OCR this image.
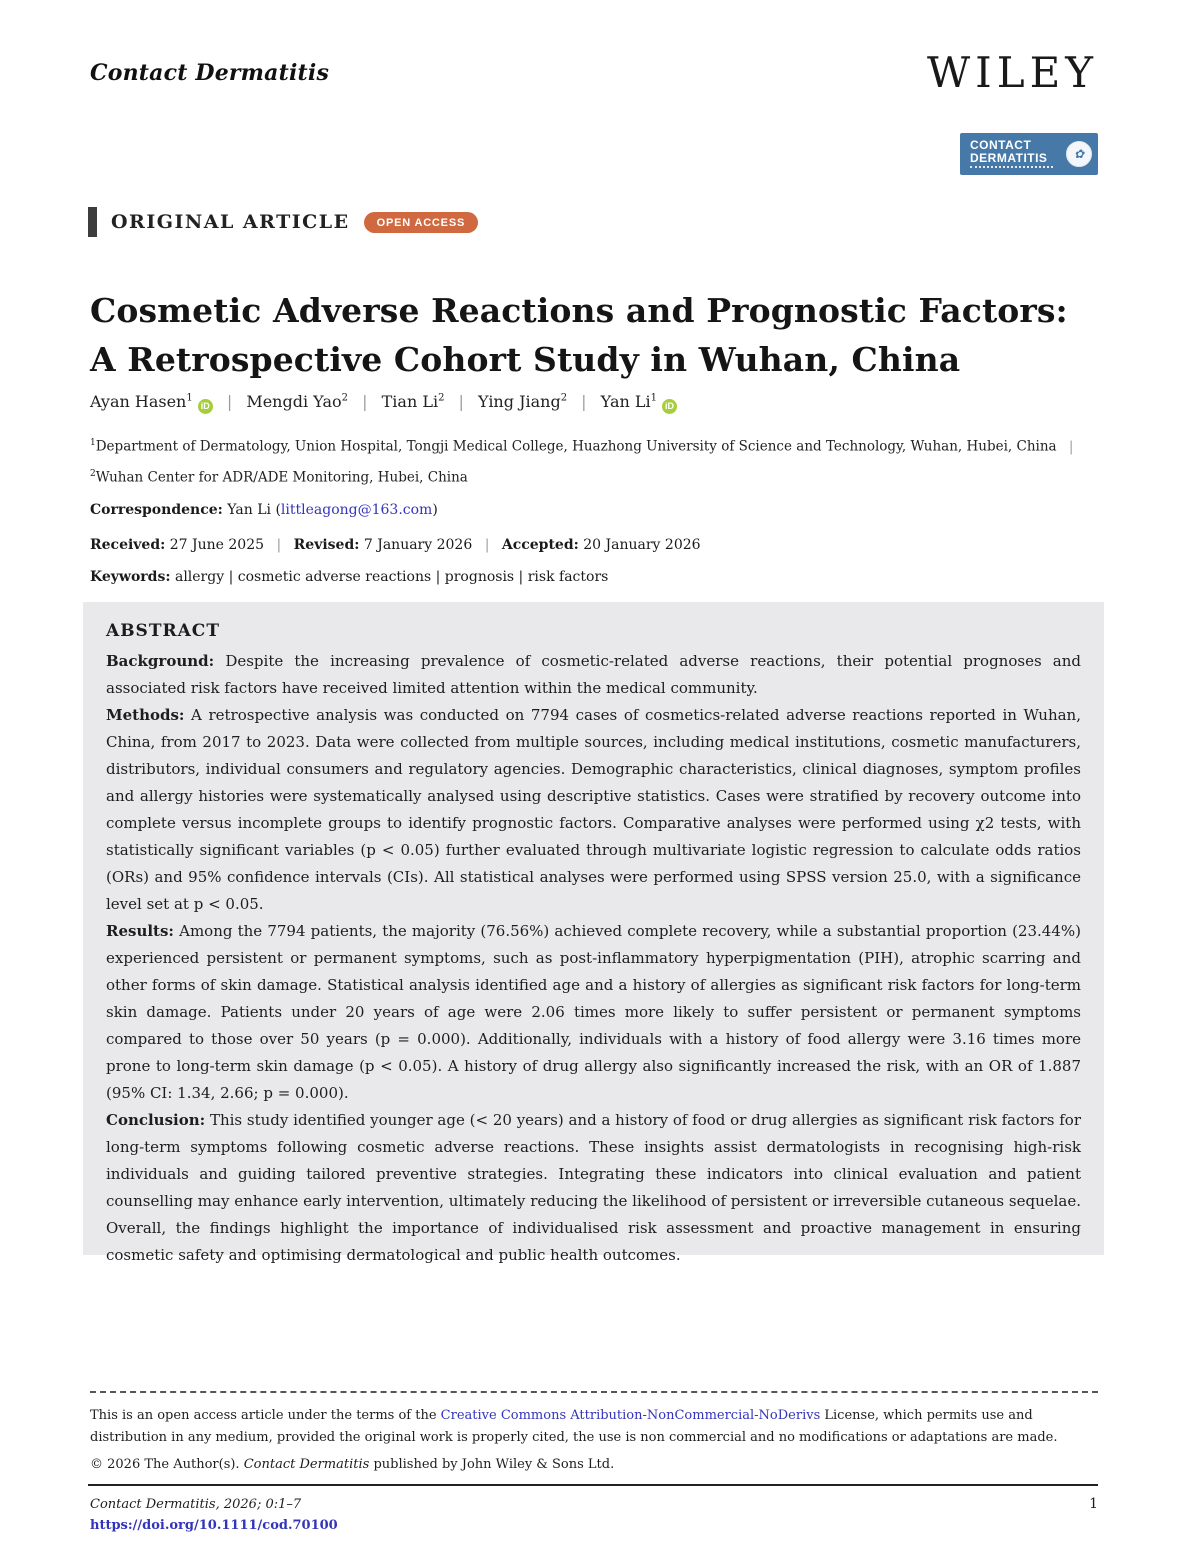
Contact Dermatitis	WILEY
CONTACT
DERMATITIS	✿
ORIGINAL ARTICLE	OPEN ACCESS
Cosmetic Adverse Reactions and Prognostic Factors:
A Retrospective Cohort Study in Wuhan, China
Ayan Hasen$^1$iD | Mengdi Yao$^2$ | Tian Li$^2$ | Ying Jiang$^2$ | Yan Li$^1$iD
$^1$Department of Dermatology, Union Hospital, Tongji Medical College, Huazhong University of Science and Technology, Wuhan, Hubei, China | $^2$Wuhan Center for ADR/ADE Monitoring, Hubei, China
Correspondence: Yan Li (littleagong@163.com)
Received: 27 June 2025 | Revised: 7 January 2026 | Accepted: 20 January 2026
Keywords: allergy | cosmetic adverse reactions | prognosis | risk factors
ABSTRACT

Background: Despite the increasing prevalence of cosmetic-related adverse reactions, their potential prognoses and associated risk factors have received limited attention within the medical community.

Methods: A retrospective analysis was conducted on 7794 cases of cosmetics-related adverse reactions reported in Wuhan, China, from 2017 to 2023. Data were collected from multiple sources, including medical institutions, cosmetic manufacturers, distributors, individual consumers and regulatory agencies. Demographic characteristics, clinical diagnoses, symptom profiles and allergy histories were systematically analysed using descriptive statistics. Cases were stratified by recovery outcome into complete versus incomplete groups to identify prognostic factors. Comparative analyses were performed using χ2 tests, with statistically significant variables (p < 0.05) further evaluated through multivariate logistic regression to calculate odds ratios (ORs) and 95% confidence intervals (CIs). All statistical analyses were performed using SPSS version 25.0, with a significance level set at p < 0.05.

Results: Among the 7794 patients, the majority (76.56%) achieved complete recovery, while a substantial proportion (23.44%) experienced persistent or permanent symptoms, such as post-inflammatory hyperpigmentation (PIH), atrophic scarring and other forms of skin damage. Statistical analysis identified age and a history of allergies as significant risk factors for long-term skin damage. Patients under 20 years of age were 2.06 times more likely to suffer persistent or permanent symptoms compared to those over 50 years (p = 0.000). Additionally, individuals with a history of food allergy were 3.16 times more prone to long-term skin damage (p < 0.05). A history of drug allergy also significantly increased the risk, with an OR of 1.887 (95% CI: 1.34, 2.66; p = 0.000).

Conclusion: This study identified younger age (< 20 years) and a history of food or drug allergies as significant risk factors for long-term symptoms following cosmetic adverse reactions. These insights assist dermatologists in recognising high-risk individuals and guiding tailored preventive strategies. Integrating these indicators into clinical evaluation and patient counselling may enhance early intervention, ultimately reducing the likelihood of persistent or irreversible cutaneous sequelae. Overall, the findings highlight the importance of individualised risk assessment and proactive management in ensuring cosmetic safety and optimising dermatological and public health outcomes.

This is an open access article under the terms of the Creative Commons Attribution-NonCommercial-NoDerivs License, which permits use and distribution in any medium, provided the original work is properly cited, the use is non commercial and no modifications or adaptations are made.
© 2026 The Author(s). Contact Dermatitis published by John Wiley & Sons Ltd.
Contact Dermatitis, 2026; 0:1–7
https://doi.org/10.1111/cod.70100
1
